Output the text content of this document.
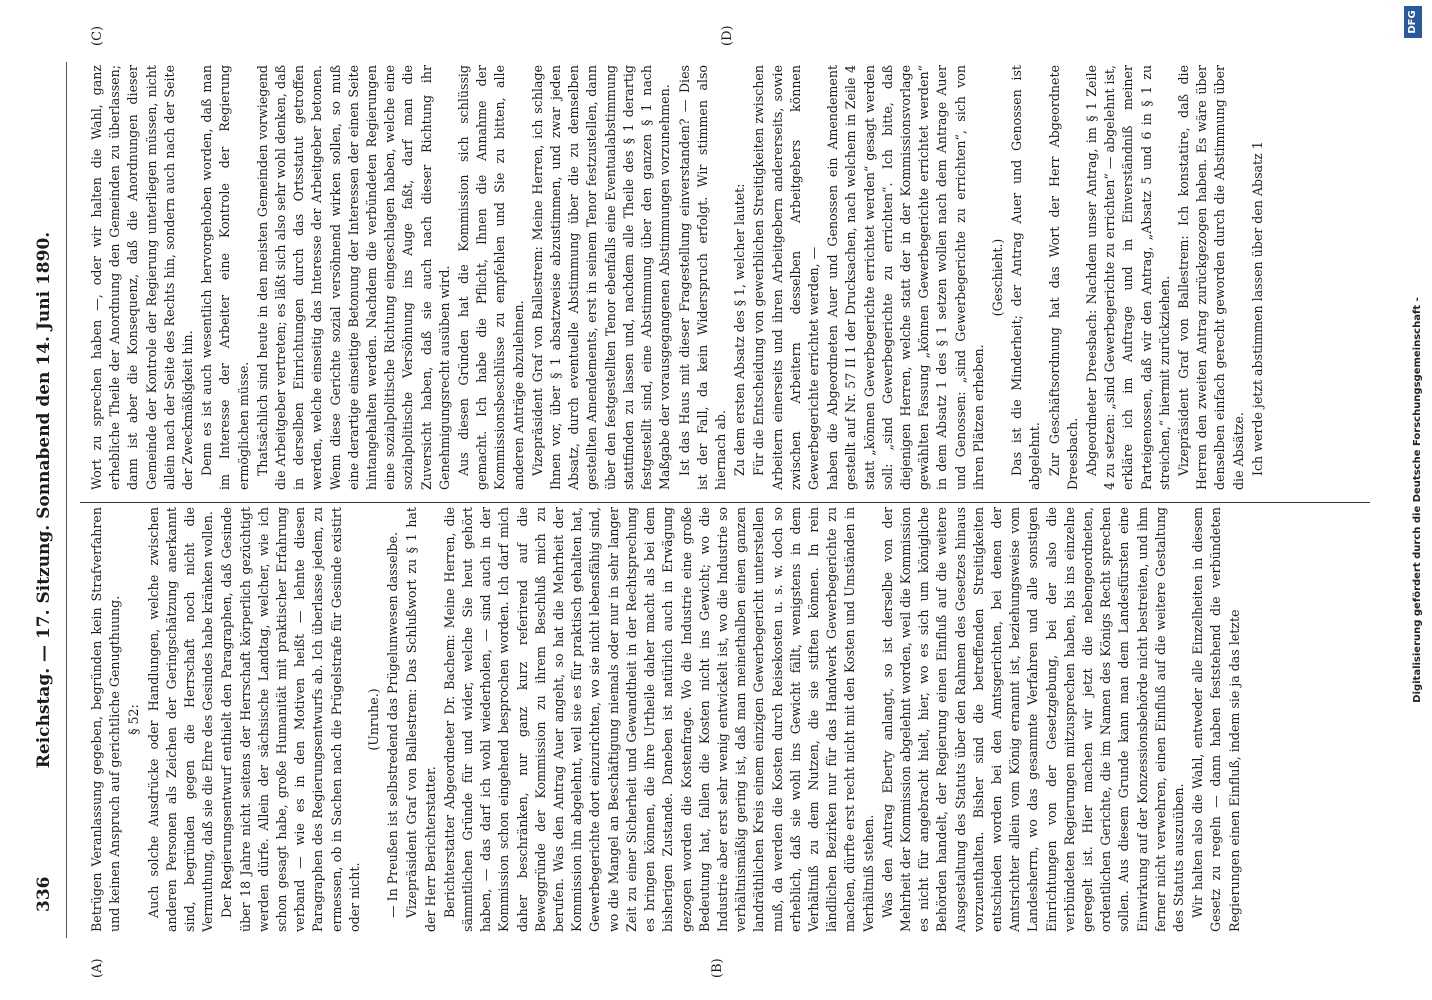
336
Reichstag. — 17. Sitzung. Sonnabend den 14. Juni 1890.
(A)	(B)
(C)	(D)

Betrügen Veranlassung gegeben, begründen kein Strafverfahren und keinen Anspruch auf gerichtliche Genugthuung. § 52: Auch solche Ausdrücke oder Handlungen, welche zwischen anderen Personen als Zeichen der Geringschätzung anerkannt sind, begründen gegen die Herrschaft noch nicht die Vermuthung, daß sie die Ehre des Gesindes habe kränken wollen. Der Regierungsentwurf enthielt den Paragraphen, daß Gesinde über 18 Jahre nicht seitens der Herrschaft körperlich gezüchtigt werden dürfe. Allein der sächsische Landtag, welcher, wie ich schon gesagt habe, große Humanität mit praktischer Erfahrung verband — wie es in den Motiven heißt — lehnte diesen Paragraphen des Regierungsentwurfs ab. Ich überlasse jedem, zu ermessen, ob in Sachen nach die Prügelstrafe für Gesinde existirt oder nicht.

(Unruhe.) — In Preußen ist selbstredend das Prügelunwesen dasselbe. Vizepräsident Graf von Ballestrem: Das Schlußwort zu § 1 hat der Herr Berichterstatter. Berichterstatter Abgeordneter Dr. Bachem: Meine Herren, die sämmtlichen Gründe für und wider, welche Sie heut gehört haben, — das darf ich wohl wiederholen, — sind auch in der Kommission schon eingehend besprochen worden. Ich darf mich daher beschränken, nur ganz kurz referirend auf die Beweggründe der Kommission zu ihrem Beschluß mich zu berufen. Was den Antrag Auer angeht, so hat die Mehrheit der Kommission ihn abgelehnt, weil sie es für praktisch gehalten hat, Gewerbegerichte dort einzurichten, wo sie nicht lebensfähig sind, wo die Mangel an Beschäftigung niemals oder nur in sehr langer Zeit zu einer Sicherheit und Gewandtheit in der Rechtsprechung es bringen können, die ihre Urtheile daher macht als bei dem bisherigen Zustande. Daneben ist natürlich auch in Erwägung gezogen worden die Kostenfrage. Wo die Industrie eine große Bedeutung hat, fallen die Kosten nicht ins Gewicht; wo die Industrie aber erst sehr wenig entwickelt ist, wo die Industrie so verhältnismäßig gering ist, daß man meinethalben einen ganzen landräthlichen Kreis einem einzigen Gewerbegericht unterstellen muß, da werden die Kosten durch Reisekosten u. s. w. doch so erheblich, daß sie wohl ins Gewicht fällt, wenigstens in dem Verhältniß zu dem Nutzen, die sie stiften können. In rein ländlichen Bezirken nur für das Handwerk Gewerbegerichte zu machen, dürfte erst recht nicht mit den Kosten und Umständen in Verhältniß stehen. Was den Antrag Eberty anlangt, so ist derselbe von der Mehrheit der Kommission abgelehnt worden, weil die Kommission es nicht für angebracht hielt, hier, wo es sich um königliche Behörden handelt, der Regierung einen Einfluß auf die weitere Ausgestaltung des Statuts über den Rahmen des Gesetzes hinaus vorzuenthalten. Bisher sind die betreffenden Streitigkeiten entschieden worden bei den Amtsgerichten, bei denen der Amtsrichter allein vom König ernannt ist, beziehungsweise vom Landesherrn, wo das gesammte Verfahren und alle sonstigen Einrichtungen von der Gesetzgebung, bei der also die verbündeten Regierungen mitzusprechen haben, bis ins einzelne geregelt ist. Hier machen wir jetzt die nebengeordneten, ordentlichen Gerichte, die im Namen des Königs Recht sprechen sollen. Aus diesem Grunde kann man dem Landesfürsten eine Einwirkung auf der Konzessionsbehörde nicht bestreiten, und ihm ferner nicht verwehren, einen Einfluß auf die weitere Gestaltung des Statuts auszuüben. Wir halten also die Wahl, entweder alle Einzelheiten in diesem Gesetz zu regeln — dann haben feststehend die verbündeten Regierungen einen Einfluß, indem sie ja das letzte

Wort zu sprechen haben —, oder wir halten die Wahl, ganz erhebliche Theile der Anordnung den Gemeinden zu überlassen; dann ist aber die Konsequenz, daß die Anordnungen dieser Gemeinde der Kontrole der Regierung unterliegen müssen, nicht allein nach der Seite des Rechts hin, sondern auch nach der Seite der Zweckmäßigkeit hin. Denn es ist auch wesentlich hervorgehoben worden, daß man im Interesse der Arbeiter eine Kontrole der Regierung ermöglichen müsse. Thatsächlich sind heute in den meisten Gemeinden vorwiegend die Arbeitgeber vertreten; es läßt sich also sehr wohl denken, daß in derselben Einrichtungen durch das Ortsstatut getroffen werden, welche einseitig das Interesse der Arbeitgeber betonen. Wenn diese Gerichte sozial versöhnend wirken sollen, so muß eine derartige einseitige Betonung der Interessen der einen Seite hintangehalten werden. Nachdem die verbündeten Regierungen eine sozialpolitische Richtung eingeschlagen haben, welche eine sozialpolitische Versöhnung ins Auge faßt, darf man die Zuversicht haben, daß sie auch nach dieser Richtung ihr Genehmigungsrecht ausüben wird. Aus diesen Gründen hat die Kommission sich schlüssig gemacht. Ich habe die Pflicht, Ihnen die Annahme der Kommissionsbeschlüsse zu empfehlen und Sie zu bitten, alle anderen Anträge abzulehnen. Vizepräsident Graf von Ballestrem: Meine Herren, ich schlage Ihnen vor, über § 1 absatzweise abzustimmen, und zwar jeden Absatz, durch eventuelle Abstimmung über die zu demselben gestellten Amendements, erst in seinem Tenor festzustellen, dann über den festgestellten Tenor ebenfalls eine Eventualabstimmung stattfinden zu lassen und, nachdem alle Theile des § 1 derartig festgestellt sind, eine Abstimmung über den ganzen § 1 nach Maßgabe der vorausgegangenen Abstimmungen vorzunehmen. Ist das Haus mit dieser Fragestellung einverstanden? — Dies ist der Fall, da kein Widerspruch erfolgt. Wir stimmen also hiernach ab. Zu dem ersten Absatz des § 1, welcher lautet: Für die Entscheidung von gewerblichen Streitigkeiten zwischen Arbeitern einerseits und ihren Arbeitgebern andererseits, sowie zwischen Arbeitern desselben Arbeitgebers können Gewerbegerichte errichtet werden, — haben die Abgeordneten Auer und Genossen ein Amendement gestellt auf Nr. 57 II 1 der Drucksachen, nach welchem in Zeile 4 statt „können Gewerbegerichte errichtet werden“ gesagt werden soll: „sind Gewerbegerichte zu errichten“. Ich bitte, daß diejenigen Herren, welche statt der in der Kommissionsvorlage gewählten Fassung „können Gewerbegerichte errichtet werden“ in dem Absatz 1 des § 1 setzen wollen nach dem Antrage Auer und Genossen: „sind Gewerbegerichte zu errichten“, sich von ihren Plätzen erheben.

(Geschieht.) Das ist die Minderheit; der Antrag Auer und Genossen ist abgelehnt. Zur Geschäftsordnung hat das Wort der Herr Abgeordnete Dreesbach. Abgeordneter Dreesbach: Nachdem unser Antrag, im § 1 Zeile 4 zu setzen: „sind Gewerbegerichte zu errichten“ — abgelehnt ist, erkläre ich im Auftrage und in Einverständniß meiner Parteigenossen, daß wir den Antrag, „Absatz 5 und 6 in § 1 zu streichen,“ hiermit zurückziehen. Vizepräsident Graf von Ballestrem: Ich konstatire, daß die Herren den zweiten Antrag zurückgezogen haben. Es wäre über denselben einfach gerecht geworden durch die Abstimmung über die Absätze. Ich werde jetzt abstimmen lassen über den Absatz 1	Digitalisierung gefördert durch die Deutsche Forschungsgemeinschaft -
DFG
